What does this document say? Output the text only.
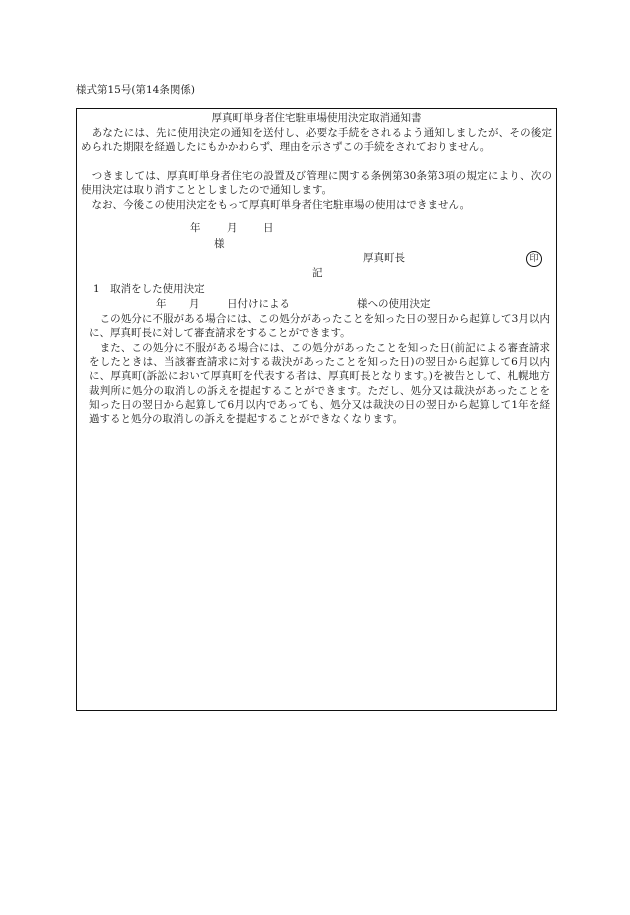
様式第15号(第14条関係)
厚真町単身者住宅駐車場使用決定取消通知書
　あなたには、先に使用決定の通知を送付し、必要な手続をされるよう通知しましたが、その後定められた期限を経過したにもかかわらず、理由を示さずこの手続をされておりません。
　つきましては、厚真町単身者住宅の設置及び管理に関する条例第30条第3項の規定により、次の使用決定は取り消すこととしましたので通知します。
　なお、今後この使用決定をもって厚真町単身者住宅駐車場の使用はできません。
年	月 日
様
厚真町長	印
記
1　取消をした使用決定
年 月	日付けによる	様への使用決定
　この処分に不服がある場合には、この処分があったことを知った日の翌日から起算して3月以内に、厚真町長に対して審査請求をすることができます。
　また、この処分に不服がある場合には、この処分があったことを知った日(前記による審査請求をしたときは、当該審査請求に対する裁決があったことを知った日)の翌日から起算して6月以内に、厚真町(訴訟において厚真町を代表する者は、厚真町長となります。)を被告として、札幌地方裁判所に処分の取消しの訴えを提起することができます。ただし、処分又は裁決があったことを知った日の翌日から起算して6月以内であっても、処分又は裁決の日の翌日から起算して1年を経過すると処分の取消しの訴えを提起することができなくなります。
